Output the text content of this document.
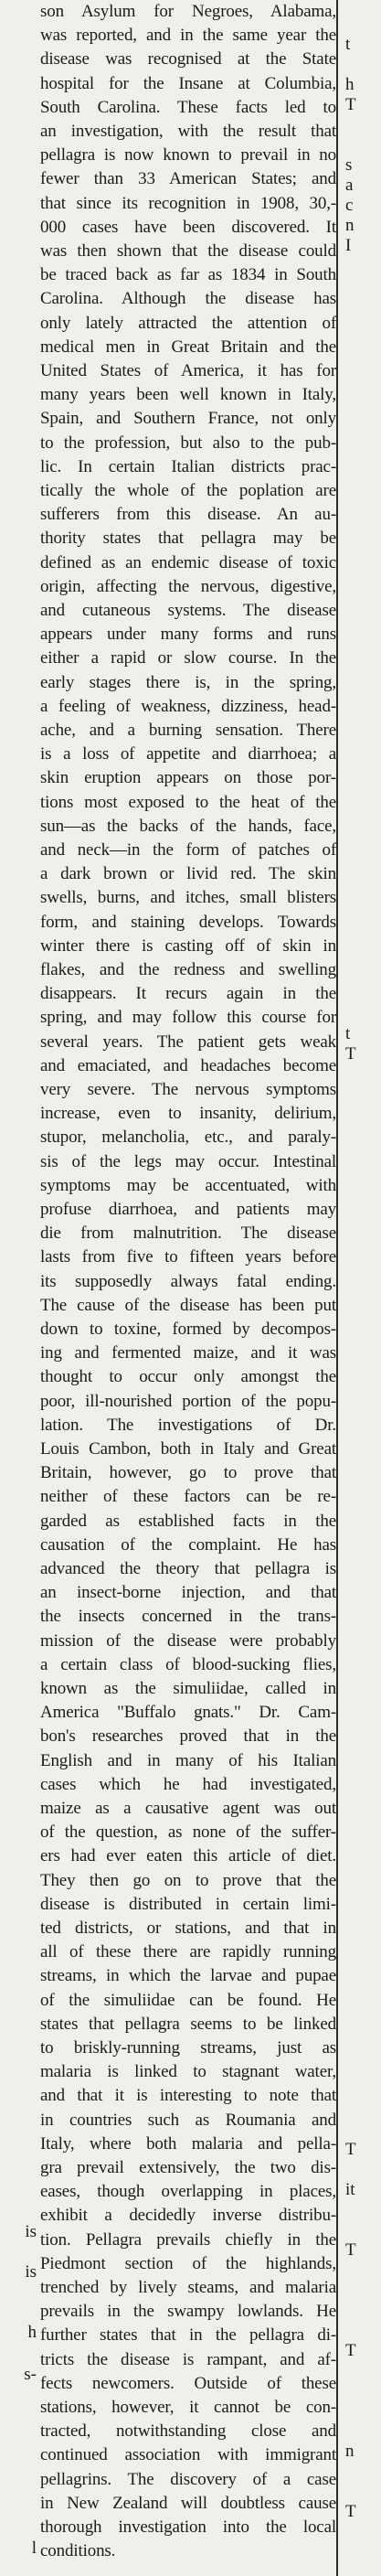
is
is
h
s-
l
son Asylum for Negroes, Alabama,
was reported, and in the same year the
disease was recognised at the State
hospital for the Insane at Columbia,
South Carolina. These facts led to
an investigation, with the result that
pellagra is now known to prevail in no
fewer than 33 American States; and
that since its recognition in 1908, 30,-
000 cases have been discovered. It
was then shown that the disease could
be traced back as far as 1834 in South
Carolina. Although the disease has
only lately attracted the attention of
medical men in Great Britain and the
United States of America, it has for
many years been well known in Italy,
Spain, and Southern France, not only
to the profession, but also to the pub-
lic. In certain Italian districts prac-
tically the whole of the poplation are
sufferers from this disease. An au-
thority states that pellagra may be
defined as an endemic disease of toxic
origin, affecting the nervous, digestive,
and cutaneous systems. The disease
appears under many forms and runs
either a rapid or slow course. In the
early stages there is, in the spring,
a feeling of weakness, dizziness, head-
ache, and a burning sensation. There
is a loss of appetite and diarrhoea; a
skin eruption appears on those por-
tions most exposed to the heat of the
sun—as the backs of the hands, face,
and neck—in the form of patches of
a dark brown or livid red. The skin
swells, burns, and itches, small blisters
form, and staining develops. Towards
winter there is casting off of skin in
flakes, and the redness and swelling
disappears. It recurs again in the
spring, and may follow this course for
several years. The patient gets weak
and emaciated, and headaches become
very severe. The nervous symptoms
increase, even to insanity, delirium,
stupor, melancholia, etc., and paraly-
sis of the legs may occur. Intestinal
symptoms may be accentuated, with
profuse diarrhoea, and patients may
die from malnutrition. The disease
lasts from five to fifteen years before
its supposedly always fatal ending.
The cause of the disease has been put
down to toxine, formed by decompos-
ing and fermented maize, and it was
thought to occur only amongst the
poor, ill-nourished portion of the popu-
lation. The investigations of Dr.
Louis Cambon, both in Italy and Great
Britain, however, go to prove that
neither of these factors can be re-
garded as established facts in the
causation of the complaint. He has
advanced the theory that pellagra is
an insect-borne injection, and that
the insects concerned in the trans-
mission of the disease were probably
a certain class of blood-sucking flies,
known as the simuliidae, called in
America "Buffalo gnats." Dr. Cam-
bon's researches proved that in the
English and in many of his Italian
cases which he had investigated,
maize as a causative agent was out
of the question, as none of the suffer-
ers had ever eaten this article of diet.
They then go on to prove that the
disease is distributed in certain limi-
ted districts, or stations, and that in
all of these there are rapidly running
streams, in which the larvae and pupae
of the simuliidae can be found. He
states that pellagra seems to be linked
to briskly-running streams, just as
malaria is linked to stagnant water,
and that it is interesting to note that
in countries such as Roumania and
Italy, where both malaria and pella-
gra prevail extensively, the two dis-
eases, though overlapping in places,
exhibit a decidedly inverse distribu-
tion. Pellagra prevails chiefly in the
Piedmont section of the highlands,
trenched by lively steams, and malaria
prevails in the swampy lowlands. He
further states that in the pellagra di-
tricts the disease is rampant, and af-
fects newcomers. Outside of these
stations, however, it cannot be con-
tracted, notwithstanding close and
continued association with immigrant
pellagrins. The discovery of a case
in New Zealand will doubtless cause
thorough investigation into the local
conditions.
t
h
T
s
a
c
n
I
t
T
T
it
T
T
n
T
